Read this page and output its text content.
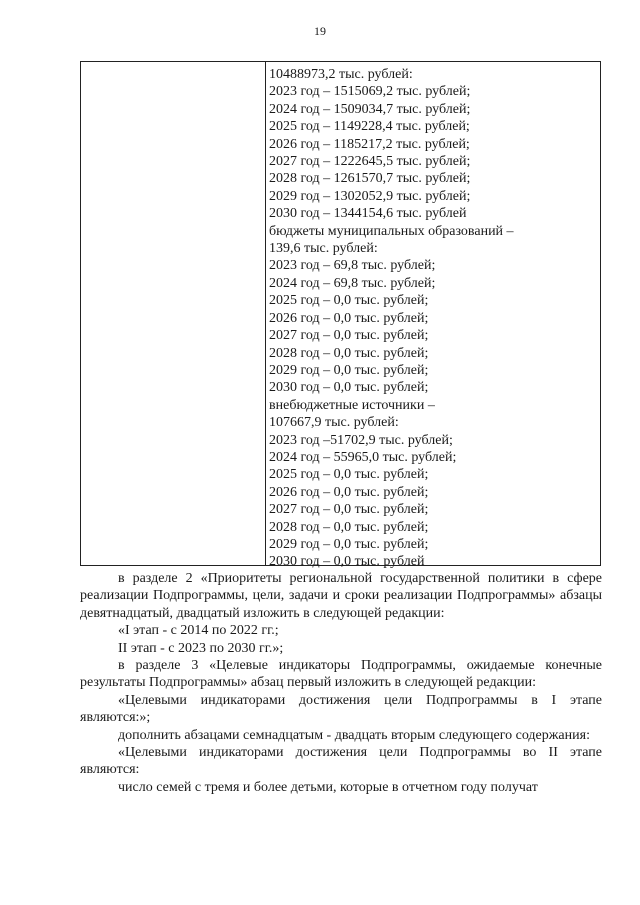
19
10488973,2 тыс. рублей:
2023 год – 1515069,2 тыс. рублей;
2024 год – 1509034,7 тыс. рублей;
2025 год – 1149228,4 тыс. рублей;
2026 год – 1185217,2 тыс. рублей;
2027 год – 1222645,5 тыс. рублей;
2028 год – 1261570,7 тыс. рублей;
2029 год – 1302052,9 тыс. рублей;
2030 год – 1344154,6 тыс. рублей
бюджеты муниципальных образований –
139,6 тыс. рублей:
2023 год – 69,8 тыс. рублей;
2024 год – 69,8 тыс. рублей;
2025 год – 0,0 тыс. рублей;
2026 год – 0,0 тыс. рублей;
2027 год – 0,0 тыс. рублей;
2028 год – 0,0 тыс. рублей;
2029 год – 0,0 тыс. рублей;
2030 год – 0,0 тыс. рублей;
внебюджетные источники –
107667,9 тыс. рублей:
2023 год –51702,9 тыс. рублей;
2024 год – 55965,0 тыс. рублей;
2025 год – 0,0 тыс. рублей;
2026 год – 0,0 тыс. рублей;
2027 год – 0,0 тыс. рублей;
2028 год – 0,0 тыс. рублей;
2029 год – 0,0 тыс. рублей;
2030 год – 0,0 тыс. рублей

в разделе 2 «Приоритеты региональной государственной политики в сфере реализации Подпрограммы, цели, задачи и сроки реализации Подпрограммы» абзацы девятнадцатый, двадцатый изложить в следующей редакции:

«I этап - с 2014 по 2022 гг.;

II этап - с 2023 по 2030 гг.»;

в разделе 3 «Целевые индикаторы Подпрограммы, ожидаемые конечные результаты Подпрограммы» абзац первый изложить в следующей редакции:

«Целевыми индикаторами достижения цели Подпрограммы в I этапе являются:»;

дополнить абзацами семнадцатым - двадцать вторым следующего содержания:

«Целевыми индикаторами достижения цели Подпрограммы во II этапе являются:

число семей с тремя и более детьми, которые в отчетном году получат
